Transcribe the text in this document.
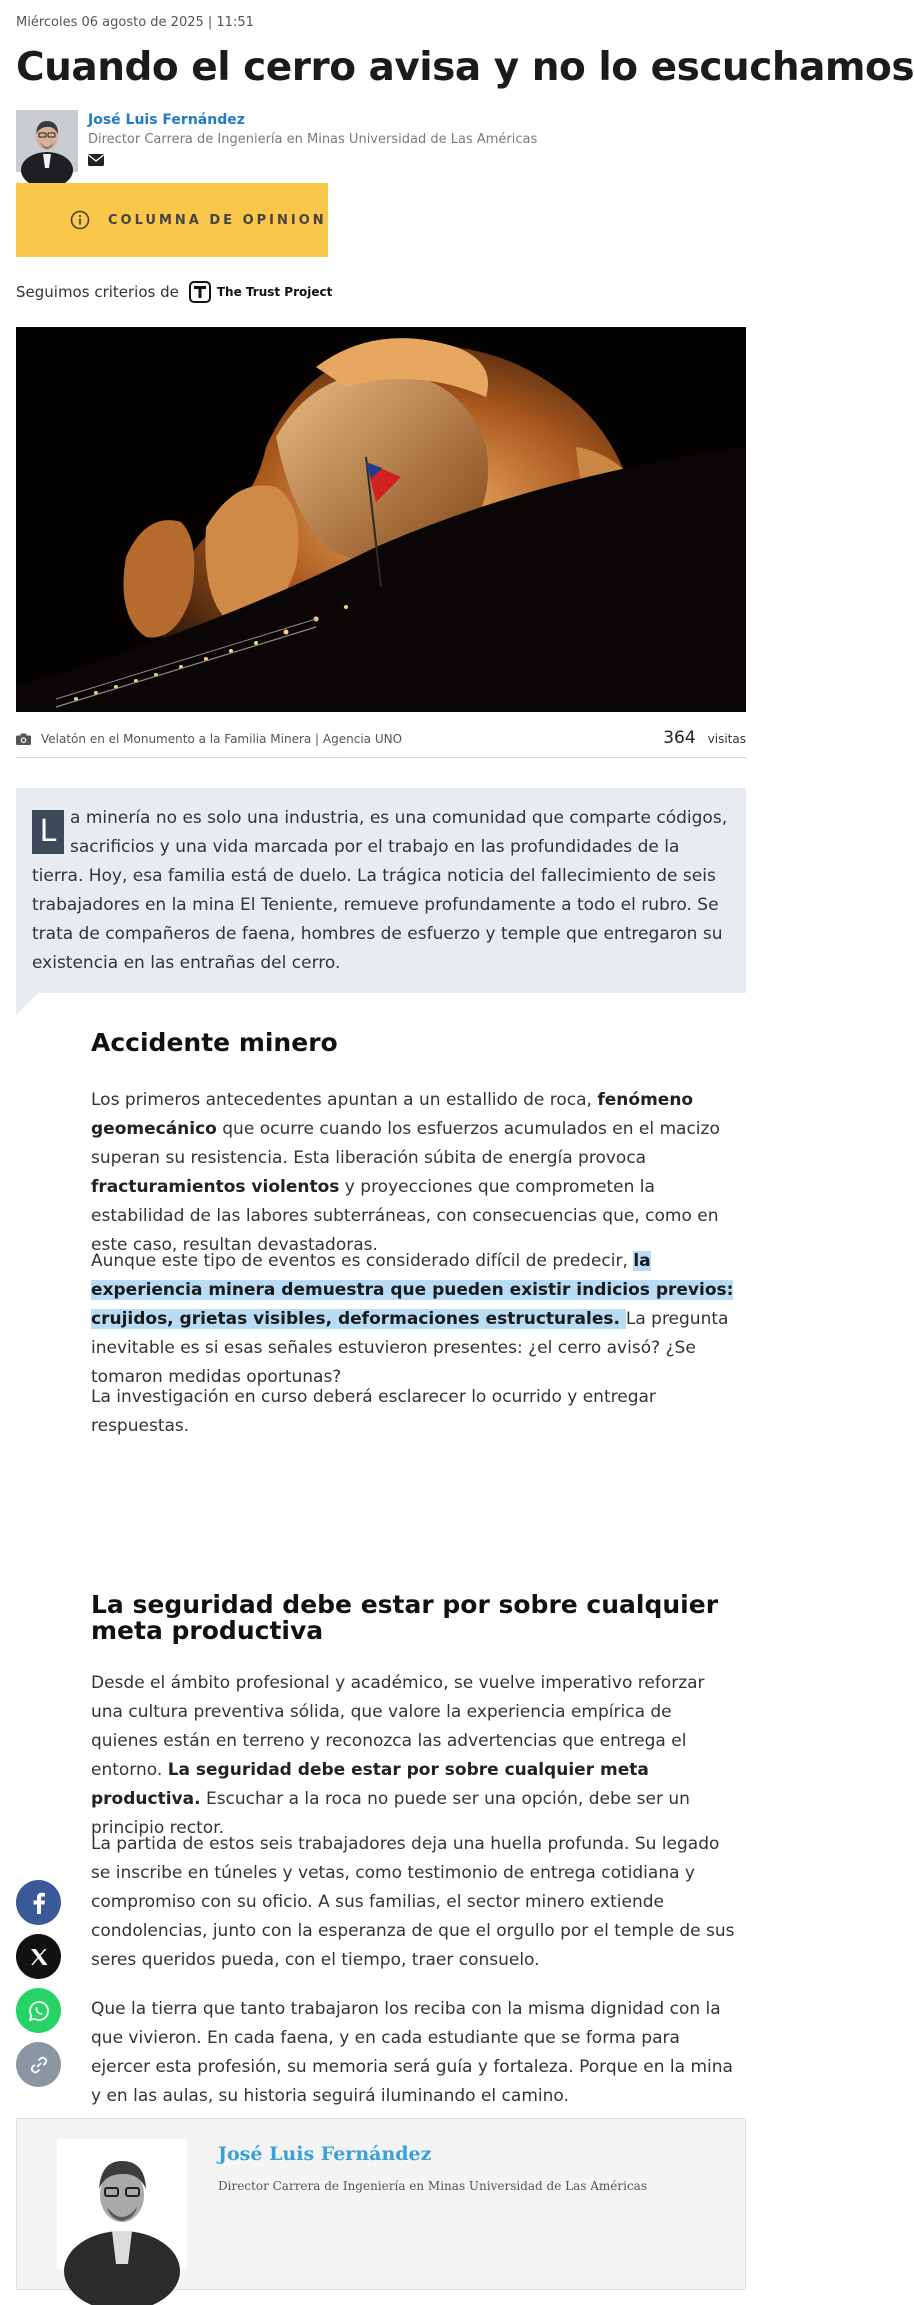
Miércoles 06 agosto de 2025 | 11:51
Cuando el cerro avisa y no lo escuchamos
José Luis Fernández
Director Carrera de Ingeniería en Minas Universidad de Las Américas
COLUMNA DE OPINION
Seguimos criterios de	The Trust Project
Velatón en el Monumento a la Familia Minera | Agencia UNO	364 visitas
L a minería no es solo una industria, es una comunidad que comparte códigos, sacrificios y una vida marcada por el trabajo en las profundidades de la tierra. Hoy, esa familia está de duelo. La trágica noticia del fallecimiento de seis trabajadores en la mina El Teniente, remueve profundamente a todo el rubro. Se trata de compañeros de faena, hombres de esfuerzo y temple que entregaron su existencia en las entrañas del cerro.
Accidente minero

Los primeros antecedentes apuntan a un estallido de roca, fenómeno geomecánico que ocurre cuando los esfuerzos acumulados en el macizo superan su resistencia. Esta liberación súbita de energía provoca fracturamientos violentos y proyecciones que comprometen la estabilidad de las labores subterráneas, con consecuencias que, como en este caso, resultan devastadoras.

Aunque este tipo de eventos es considerado difícil de predecir, la experiencia minera demuestra que pueden existir indicios previos: crujidos, grietas visibles, deformaciones estructurales. La pregunta inevitable es si esas señales estuvieron presentes: ¿el cerro avisó? ¿Se tomaron medidas oportunas?

La investigación en curso deberá esclarecer lo ocurrido y entregar respuestas.

La seguridad debe estar por sobre cualquier meta productiva

Desde el ámbito profesional y académico, se vuelve imperativo reforzar una cultura preventiva sólida, que valore la experiencia empírica de quienes están en terreno y reconozca las advertencias que entrega el entorno. La seguridad debe estar por sobre cualquier meta productiva. Escuchar a la roca no puede ser una opción, debe ser un principio rector.

La partida de estos seis trabajadores deja una huella profunda. Su legado se inscribe en túneles y vetas, como testimonio de entrega cotidiana y compromiso con su oficio. A sus familias, el sector minero extiende condolencias, junto con la esperanza de que el orgullo por el temple de sus seres queridos pueda, con el tiempo, traer consuelo.

Que la tierra que tanto trabajaron los reciba con la misma dignidad con la que vivieron. En cada faena, y en cada estudiante que se forma para ejercer esta profesión, su memoria será guía y fortaleza. Porque en la mina y en las aulas, su historia seguirá iluminando el camino.

José Luis Fernández
Director Carrera de Ingeniería en Minas Universidad de Las Américas
